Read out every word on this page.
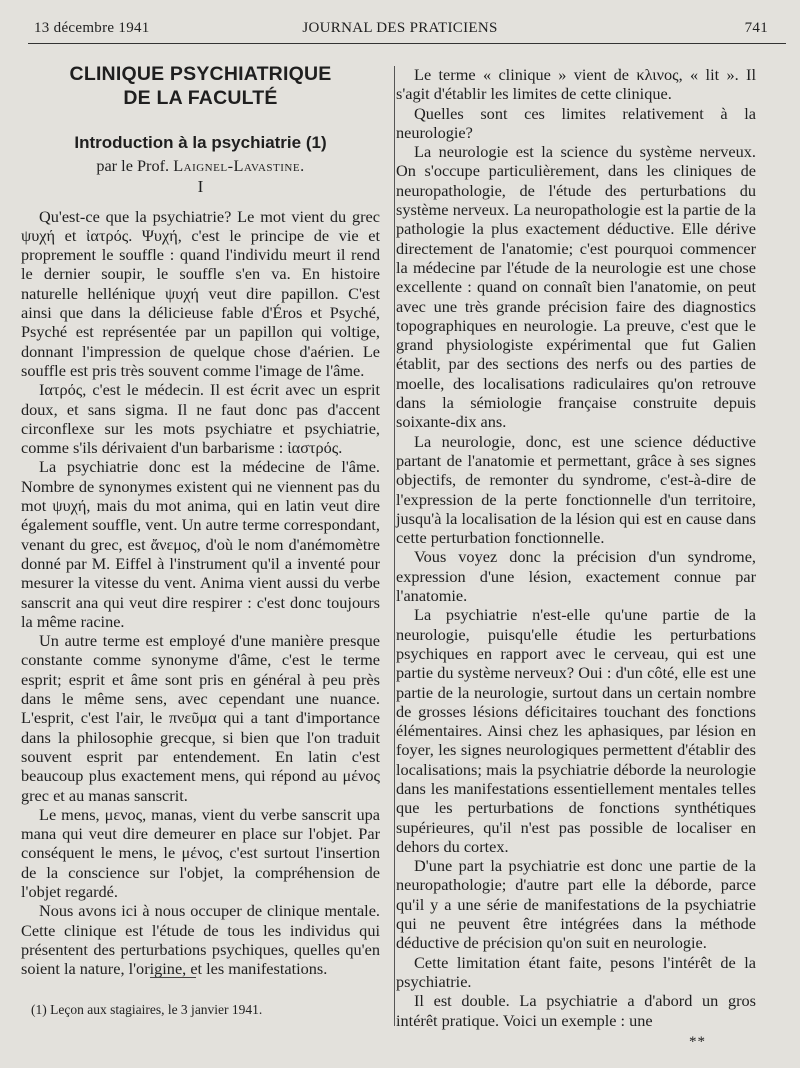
13 décembre 1941	JOURNAL DES PRATICIENS	741
CLINIQUE PSYCHIATRIQUE
DE LA FACULTÉ
Introduction à la psychiatrie (1)
par le Prof. Laignel-Lavastine.
I

Qu'est-ce que la psychiatrie? Le mot vient du grec ψυχή et ἰατρός. Ψυχή, c'est le principe de vie et proprement le souffle : quand l'individu meurt il rend le dernier soupir, le souffle s'en va. En histoire naturelle hellénique ψυχή veut dire papillon. C'est ainsi que dans la délicieuse fable d'Éros et Psyché, Psyché est représentée par un papillon qui voltige, donnant l'impression de quelque chose d'aérien. Le souffle est pris très souvent comme l'image de l'âme.

Ιατρός, c'est le médecin. Il est écrit avec un esprit doux, et sans sigma. Il ne faut donc pas d'accent circonflexe sur les mots psychiatre et psychiatrie, comme s'ils dérivaient d'un barbarisme : ἰαστρός.

La psychiatrie donc est la médecine de l'âme. Nombre de synonymes existent qui ne viennent pas du mot ψυχή, mais du mot anima, qui en latin veut dire également souffle, vent. Un autre terme correspondant, venant du grec, est ἄνεμος, d'où le nom d'anémomètre donné par M. Eiffel à l'instrument qu'il a inventé pour mesurer la vitesse du vent. Anima vient aussi du verbe sanscrit ana qui veut dire respirer : c'est donc toujours la même racine.

Un autre terme est employé d'une manière presque constante comme synonyme d'âme, c'est le terme esprit; esprit et âme sont pris en général à peu près dans le même sens, avec cependant une nuance. L'esprit, c'est l'air, le πνεῦμα qui a tant d'importance dans la philosophie grecque, si bien que l'on traduit souvent esprit par entendement. En latin c'est beaucoup plus exactement mens, qui répond au μένος grec et au manas sanscrit.

Le mens, μενος, manas, vient du verbe sanscrit upa mana qui veut dire demeurer en place sur l'objet. Par conséquent le mens, le μένος, c'est surtout l'insertion de la conscience sur l'objet, la compréhension de l'objet regardé.

Nous avons ici à nous occuper de clinique mentale. Cette clinique est l'étude de tous les individus qui présentent des perturbations psychiques, quelles qu'en soient la nature, l'origine, et les manifestations.

(1) Leçon aux stagiaires, le 3 janvier 1941.

Le terme « clinique » vient de κλινος, « lit ». Il s'agit d'établir les limites de cette clinique.

Quelles sont ces limites relativement à la neurologie?

La neurologie est la science du système nerveux. On s'occupe particulièrement, dans les cliniques de neuropathologie, de l'étude des perturbations du système nerveux. La neuropathologie est la partie de la pathologie la plus exactement déductive. Elle dérive directement de l'anatomie; c'est pourquoi commencer la médecine par l'étude de la neurologie est une chose excellente : quand on connaît bien l'anatomie, on peut avec une très grande précision faire des diagnostics topographiques en neurologie. La preuve, c'est que le grand physiologiste expérimental que fut Galien établit, par des sections des nerfs ou des parties de moelle, des localisations radiculaires qu'on retrouve dans la sémiologie française construite depuis soixante-dix ans.

La neurologie, donc, est une science déductive partant de l'anatomie et permettant, grâce à ses signes objectifs, de remonter du syndrome, c'est-à-dire de l'expression de la perte fonctionnelle d'un territoire, jusqu'à la localisation de la lésion qui est en cause dans cette perturbation fonctionnelle.

Vous voyez donc la précision d'un syndrome, expression d'une lésion, exactement connue par l'anatomie.

La psychiatrie n'est-elle qu'une partie de la neurologie, puisqu'elle étudie les perturbations psychiques en rapport avec le cerveau, qui est une partie du système nerveux? Oui : d'un côté, elle est une partie de la neurologie, surtout dans un certain nombre de grosses lésions déficitaires touchant des fonctions élémentaires. Ainsi chez les aphasiques, par lésion en foyer, les signes neurologiques permettent d'établir des localisations; mais la psychiatrie déborde la neurologie dans les manifestations essentiellement mentales telles que les perturbations de fonctions synthétiques supérieures, qu'il n'est pas possible de localiser en dehors du cortex.

D'une part la psychiatrie est donc une partie de la neuropathologie; d'autre part elle la déborde, parce qu'il y a une série de manifestations de la psychiatrie qui ne peuvent être intégrées dans la méthode déductive de précision qu'on suit en neurologie.

Cette limitation étant faite, pesons l'intérêt de la psychiatrie.

Il est double. La psychiatrie a d'abord un gros intérêt pratique. Voici un exemple : une

**
